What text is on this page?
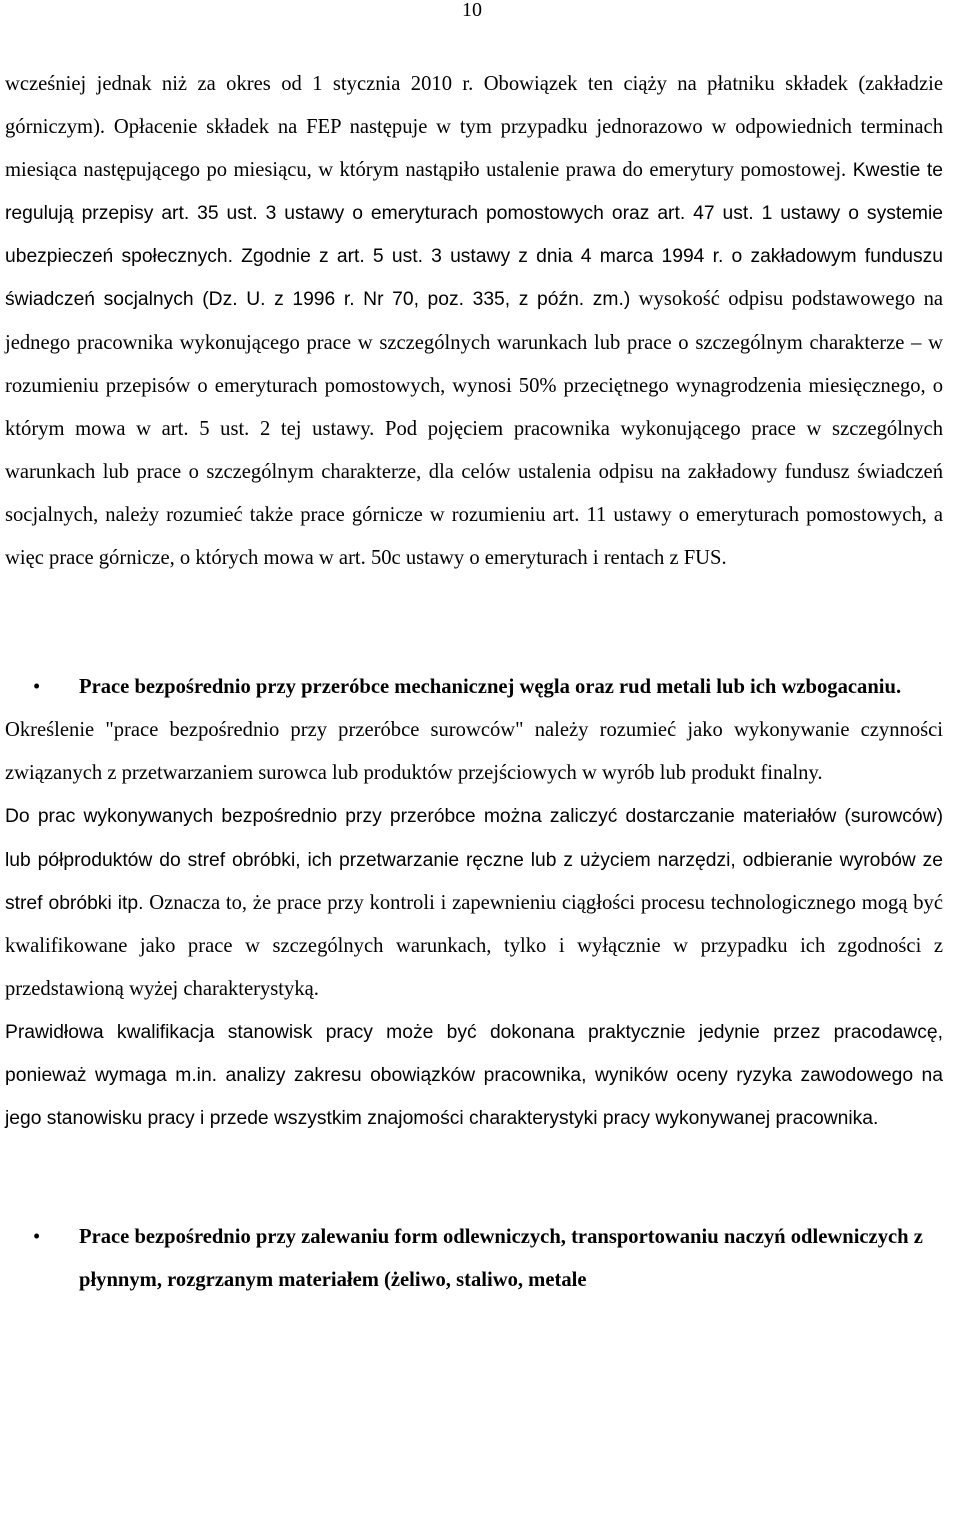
10

wcześniej jednak niż za okres od 1 stycznia 2010 r. Obowiązek ten ciąży na płatniku składek (zakładzie górniczym). Opłacenie składek na FEP następuje w tym przypadku jednorazowo w odpowiednich terminach miesiąca następującego po miesiącu, w którym nastąpiło ustalenie prawa do emerytury pomostowej. Kwestie te regulują przepisy art. 35 ust. 3 ustawy o emeryturach pomostowych oraz art. 47 ust. 1 ustawy o systemie ubezpieczeń społecznych. Zgodnie z art. 5 ust. 3 ustawy z dnia 4 marca 1994 r. o zakładowym funduszu świadczeń socjalnych (Dz. U. z 1996 r. Nr 70, poz. 335, z późn. zm.) wysokość odpisu podstawowego na jednego pracownika wykonującego prace w szczególnych warunkach lub prace o szczególnym charakterze – w rozumieniu przepisów o emeryturach pomostowych, wynosi 50% przeciętnego wynagrodzenia miesięcznego, o którym mowa w art. 5 ust. 2 tej ustawy. Pod pojęciem pracownika wykonującego prace w szczególnych warunkach lub prace o szczególnym charakterze, dla celów ustalenia odpisu na zakładowy fundusz świadczeń socjalnych, należy rozumieć także prace górnicze w rozumieniu art. 11 ustawy o emeryturach pomostowych, a więc prace górnicze, o których mowa w art. 50c ustawy o emeryturach i rentach z FUS.

•	Prace bezpośrednio przy przeróbce mechanicznej węgla oraz rud metali lub ich wzbogacaniu.

Określenie "prace bezpośrednio przy przeróbce surowców" należy rozumieć jako wykonywanie czynności związanych z przetwarzaniem surowca lub produktów przejściowych w wyrób lub produkt finalny.

Do prac wykonywanych bezpośrednio przy przeróbce można zaliczyć dostarczanie materiałów (surowców) lub półproduktów do stref obróbki, ich przetwarzanie ręczne lub z użyciem narzędzi, odbieranie wyrobów ze stref obróbki itp. Oznacza to, że prace przy kontroli i zapewnieniu ciągłości procesu technologicznego mogą być kwalifikowane jako prace w szczególnych warunkach, tylko i wyłącznie w przypadku ich zgodności z przedstawioną wyżej charakterystyką.

Prawidłowa kwalifikacja stanowisk pracy może być dokonana praktycznie jedynie przez pracodawcę, ponieważ wymaga m.in. analizy zakresu obowiązków pracownika, wyników oceny ryzyka zawodowego na jego stanowisku pracy i przede wszystkim znajomości charakterystyki pracy wykonywanej pracownika.

•	Prace bezpośrednio przy zalewaniu form odlewniczych, transportowaniu naczyń odlewniczych z płynnym, rozgrzanym materiałem (żeliwo, staliwo, metale
